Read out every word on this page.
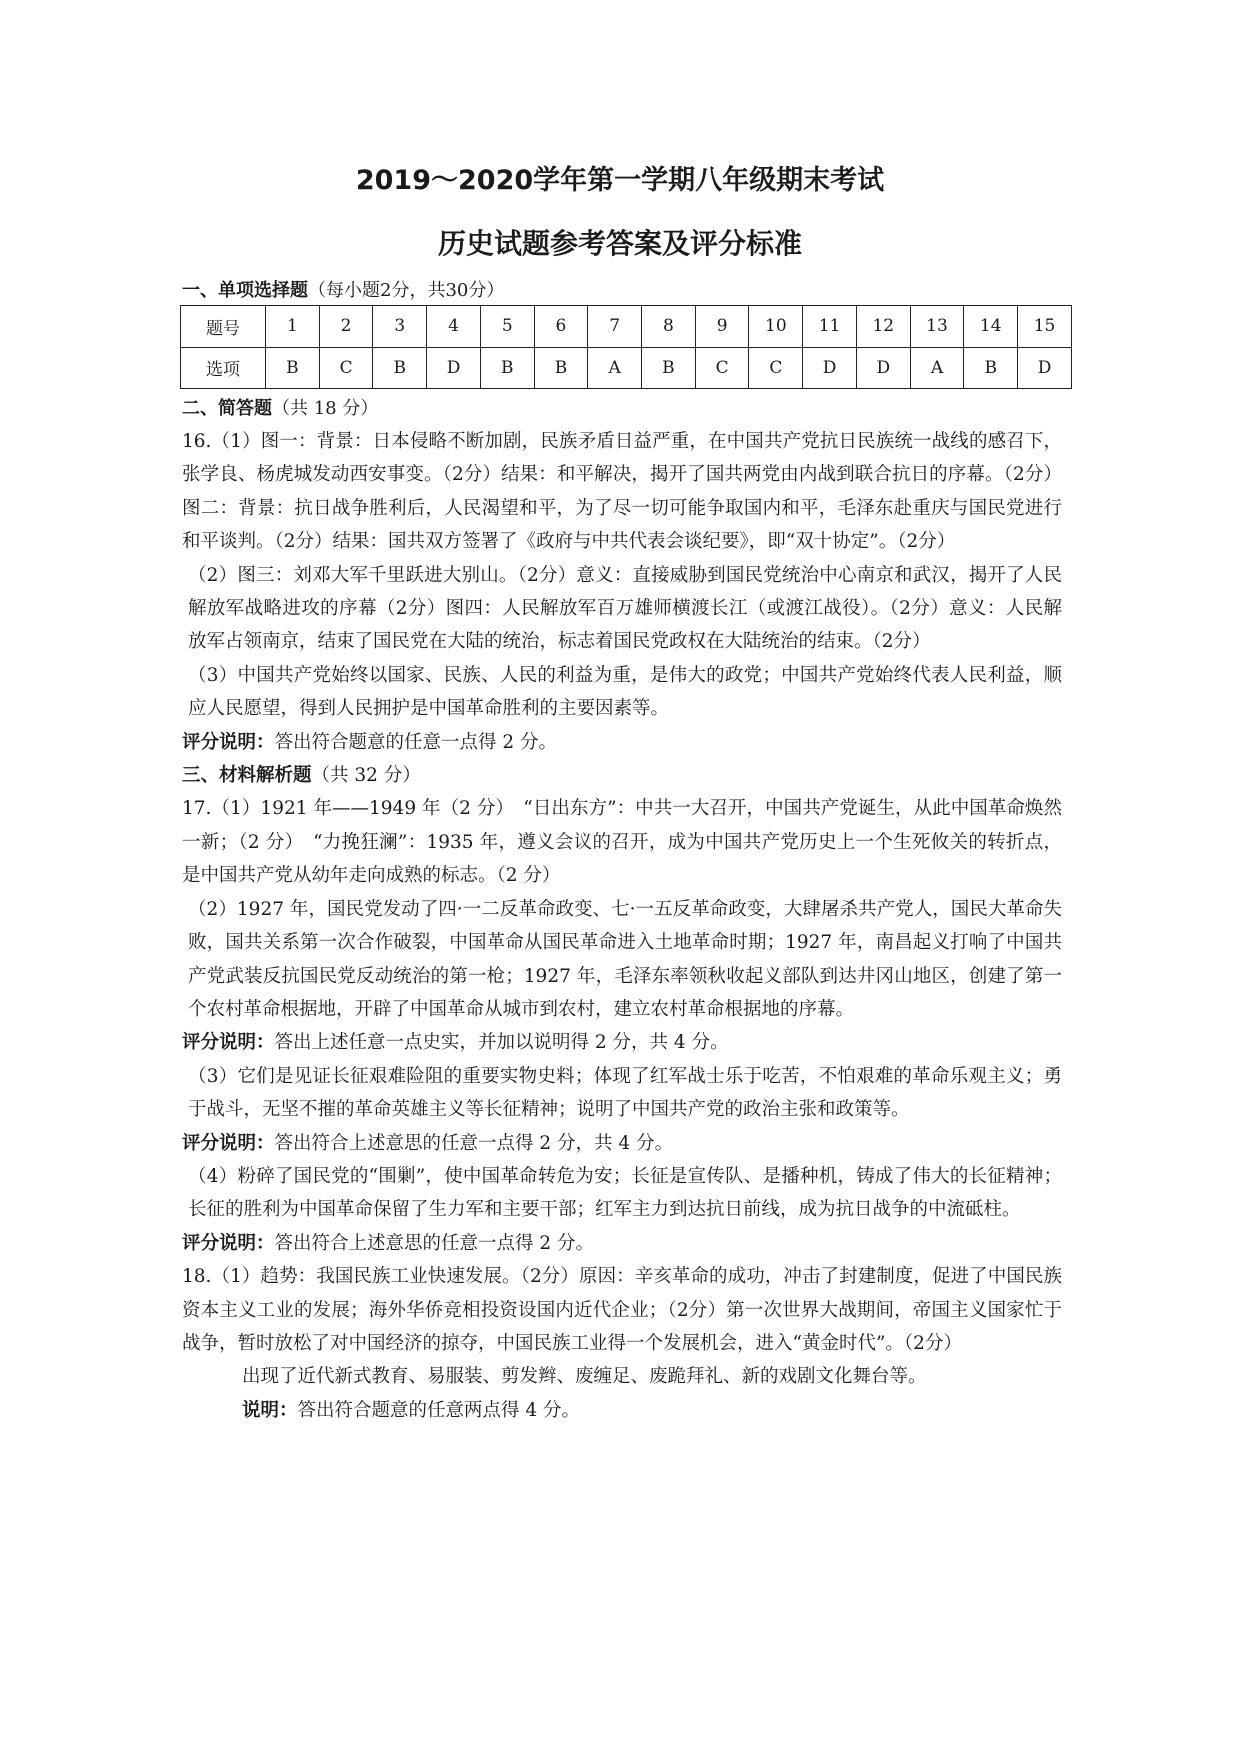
2019～2020学年第一学期八年级期末考试
历史试题参考答案及评分标准
一、单项选择题（每小题2分，共30分）
题号	1	2	3	4	5	6	7	8	9	10	11	12	13	14	15
选项	B	C	B	D	B	B	A	B	C	C	D	D	A	B	D
二、简答题（共 18 分）

16.（1）图一：背景：日本侵略不断加剧，民族矛盾日益严重，在中国共产党抗日民族统一战线的感召下，张学良、杨虎城发动西安事变。（2分）结果：和平解决，揭开了国共两党由内战到联合抗日的序幕。（2分）图二：背景：抗日战争胜利后，人民渴望和平，为了尽一切可能争取国内和平，毛泽东赴重庆与国民党进行和平谈判。（2分）结果：国共双方签署了《政府与中共代表会谈纪要》，即“双十协定”。（2分）

（2）图三：刘邓大军千里跃进大别山。（2分）意义：直接威胁到国民党统治中心南京和武汉，揭开了人民解放军战略进攻的序幕（2分）图四：人民解放军百万雄师横渡长江（或渡江战役）。（2分）意义：人民解放军占领南京，结束了国民党在大陆的统治，标志着国民党政权在大陆统治的结束。（2分）

（3）中国共产党始终以国家、民族、人民的利益为重，是伟大的政党；中国共产党始终代表人民利益，顺应人民愿望，得到人民拥护是中国革命胜利的主要因素等。

评分说明：答出符合题意的任意一点得 2 分。

三、材料解析题（共 32 分）

17.（1）1921 年——1949 年（2 分）　“日出东方”：中共一大召开，中国共产党诞生，从此中国革命焕然一新；（2 分）　“力挽狂澜”：1935 年，遵义会议的召开，成为中国共产党历史上一个生死攸关的转折点，是中国共产党从幼年走向成熟的标志。（2 分）

（2）1927 年，国民党发动了四·一二反革命政变、七·一五反革命政变，大肆屠杀共产党人，国民大革命失败，国共关系第一次合作破裂，中国革命从国民革命进入土地革命时期；1927 年，南昌起义打响了中国共产党武装反抗国民党反动统治的第一枪；1927 年，毛泽东率领秋收起义部队到达井冈山地区，创建了第一个农村革命根据地，开辟了中国革命从城市到农村，建立农村革命根据地的序幕。

评分说明：答出上述任意一点史实，并加以说明得 2 分，共 4 分。

（3）它们是见证长征艰难险阻的重要实物史料；体现了红军战士乐于吃苦，不怕艰难的革命乐观主义；勇于战斗，无坚不摧的革命英雄主义等长征精神；说明了中国共产党的政治主张和政策等。

评分说明：答出符合上述意思的任意一点得 2 分，共 4 分。

（4）粉碎了国民党的“围剿”，使中国革命转危为安；长征是宣传队、是播种机，铸成了伟大的长征精神；长征的胜利为中国革命保留了生力军和主要干部；红军主力到达抗日前线，成为抗日战争的中流砥柱。

评分说明：答出符合上述意思的任意一点得 2 分。

18.（1）趋势：我国民族工业快速发展。（2分）原因：辛亥革命的成功，冲击了封建制度，促进了中国民族资本主义工业的发展；海外华侨竞相投资设国内近代企业；（2分）第一次世界大战期间，帝国主义国家忙于战争，暂时放松了对中国经济的掠夺，中国民族工业得一个发展机会，进入“黄金时代”。（2分）

出现了近代新式教育、易服装、剪发辫、废缠足、废跪拜礼、新的戏剧文化舞台等。

说明：答出符合题意的任意两点得 4 分。
